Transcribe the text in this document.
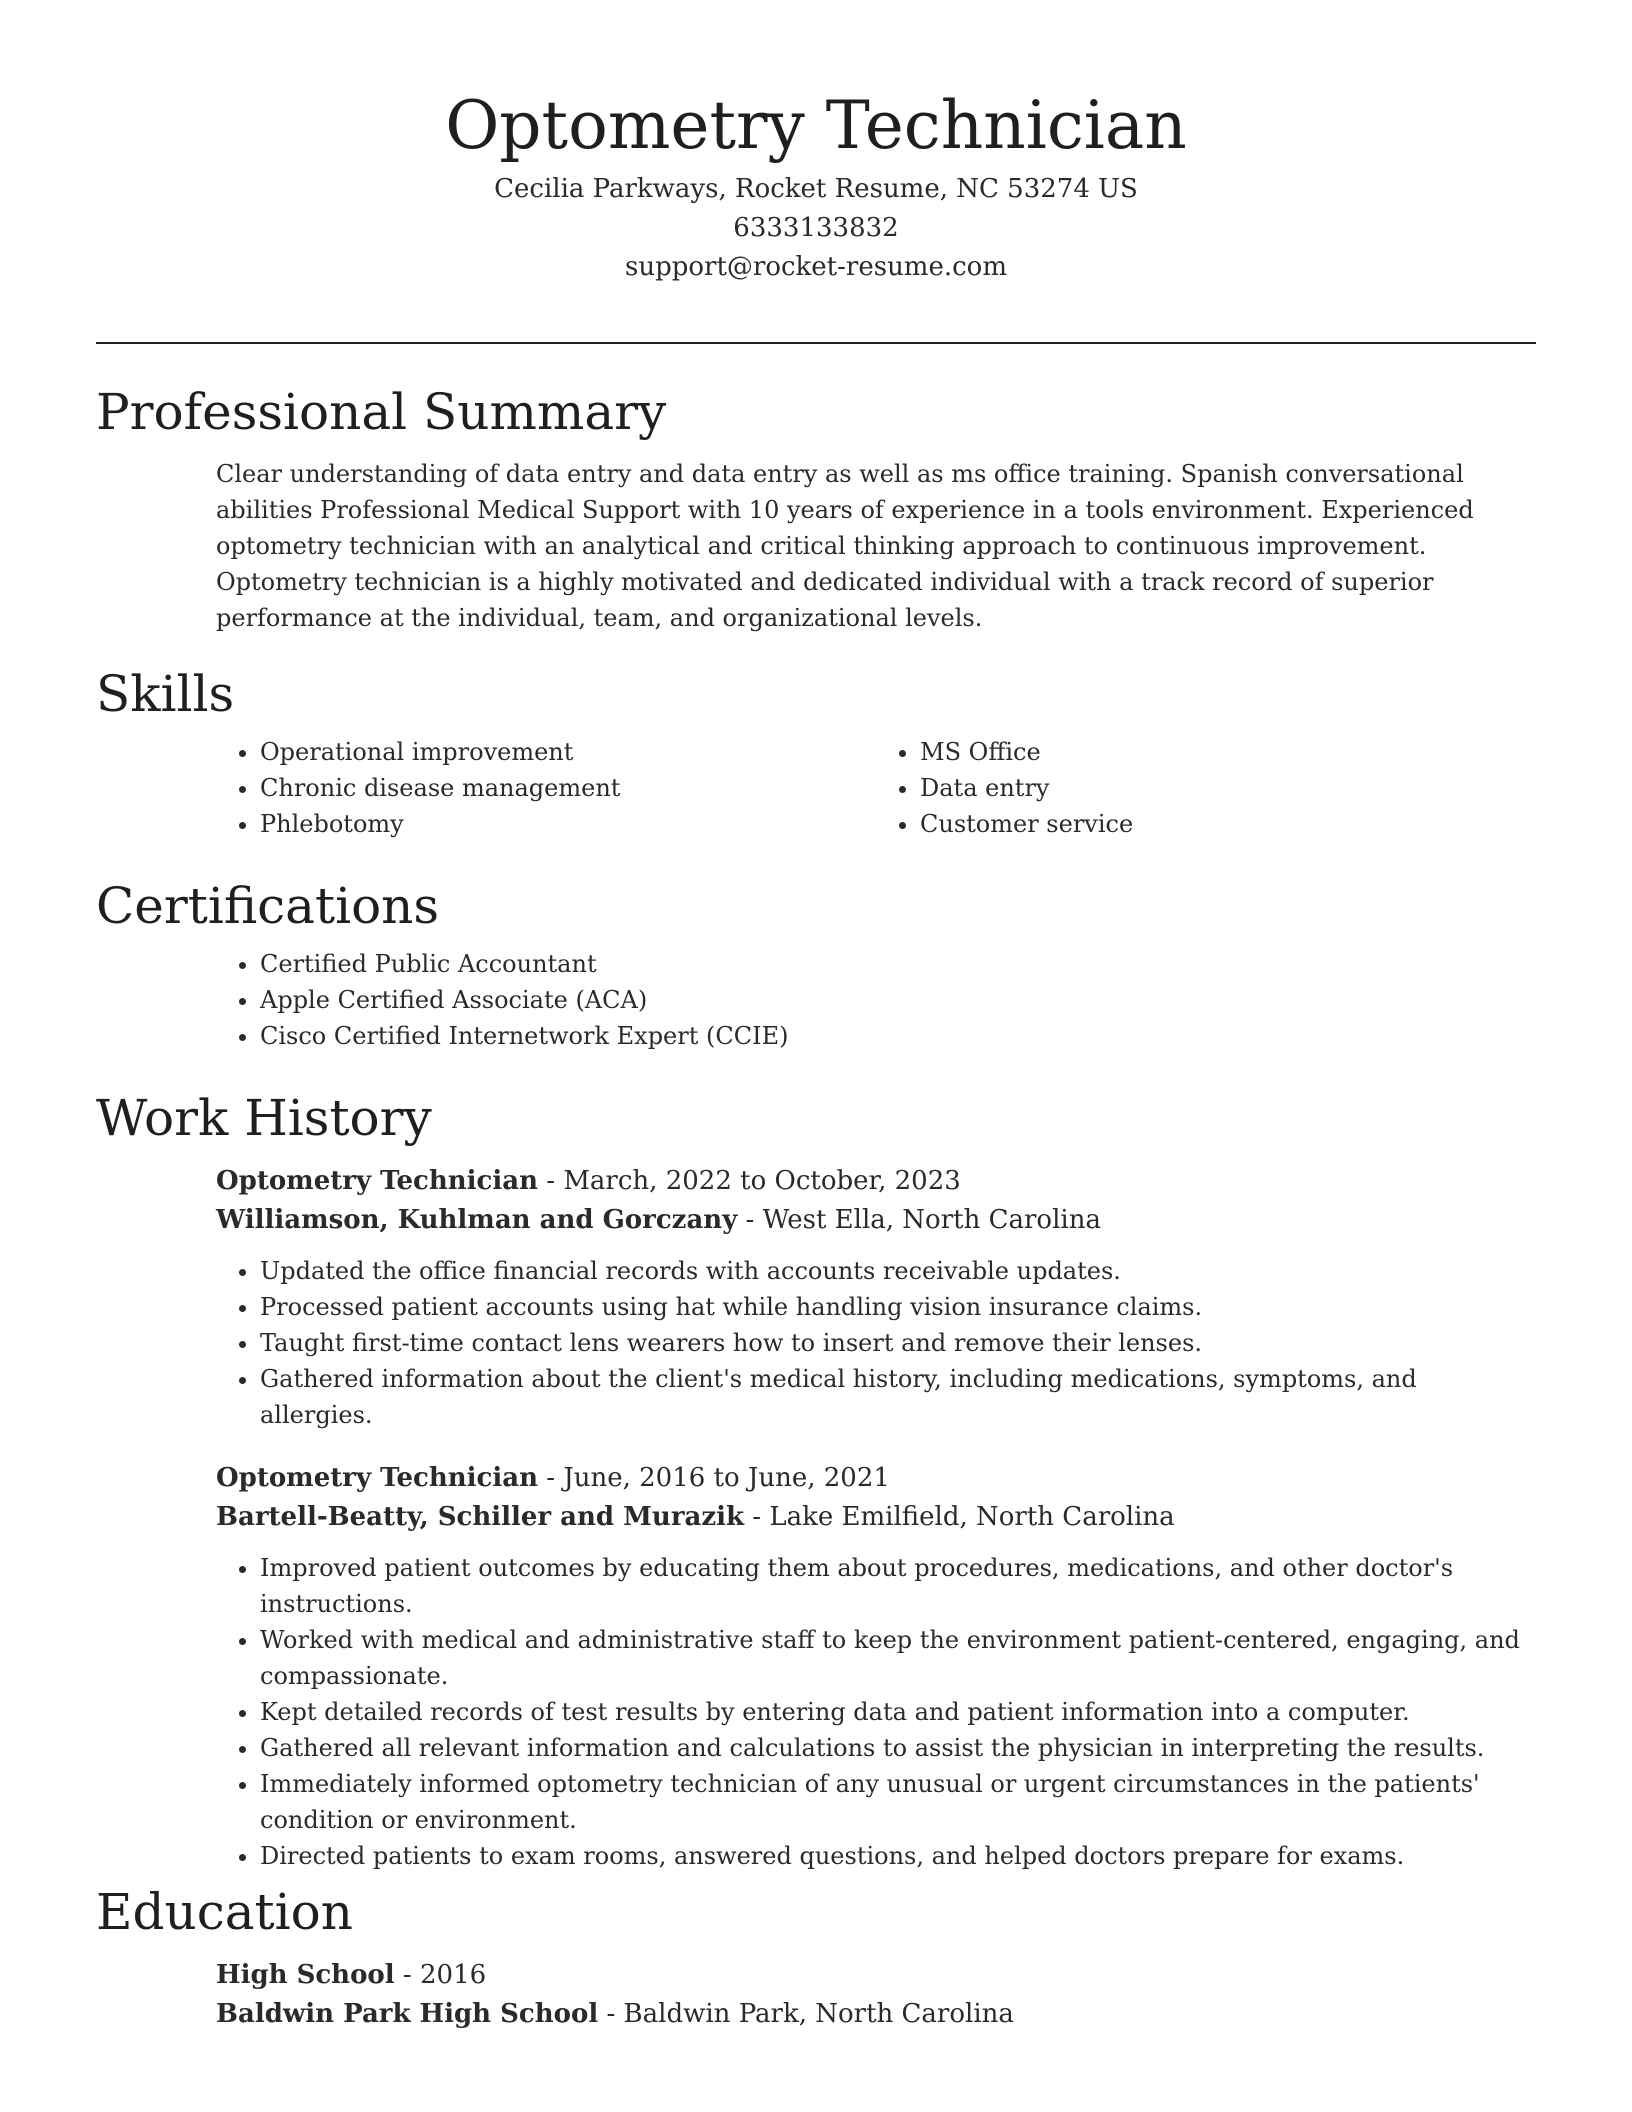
Optometry Technician
Cecilia Parkways, Rocket Resume, NC 53274 US
6333133832
support@rocket-resume.com
Professional Summary

Clear understanding of data entry and data entry as well as ms office training. Spanish conversational abilities Professional Medical Support with 10 years of experience in a tools environment. Experienced optometry technician with an analytical and critical thinking approach to continuous improvement. Optometry technician is a highly motivated and dedicated individual with a track record of superior performance at the individual, team, and organizational levels.

Skills
• Operational improvement
• Chronic disease management
• Phlebotomy
• MS Office
• Data entry
• Customer service
Certifications
• Certified Public Accountant
• Apple Certified Associate (ACA)
• Cisco Certified Internetwork Expert (CCIE)
Work History
Optometry Technician - March, 2022 to October, 2023
Williamson, Kuhlman and Gorczany - West Ella, North Carolina
• Updated the office financial records with accounts receivable updates.
• Processed patient accounts using hat while handling vision insurance claims.
• Taught first-time contact lens wearers how to insert and remove their lenses.
• Gathered information about the client's medical history, including medications, symptoms, and allergies.
Optometry Technician - June, 2016 to June, 2021
Bartell-Beatty, Schiller and Murazik - Lake Emilfield, North Carolina
• Improved patient outcomes by educating them about procedures, medications, and other doctor's instructions.
• Worked with medical and administrative staff to keep the environment patient-centered, engaging, and compassionate.
• Kept detailed records of test results by entering data and patient information into a computer.
• Gathered all relevant information and calculations to assist the physician in interpreting the results.
• Immediately informed optometry technician of any unusual or urgent circumstances in the patients' condition or environment.
• Directed patients to exam rooms, answered questions, and helped doctors prepare for exams.
Education
High School - 2016
Baldwin Park High School - Baldwin Park, North Carolina
